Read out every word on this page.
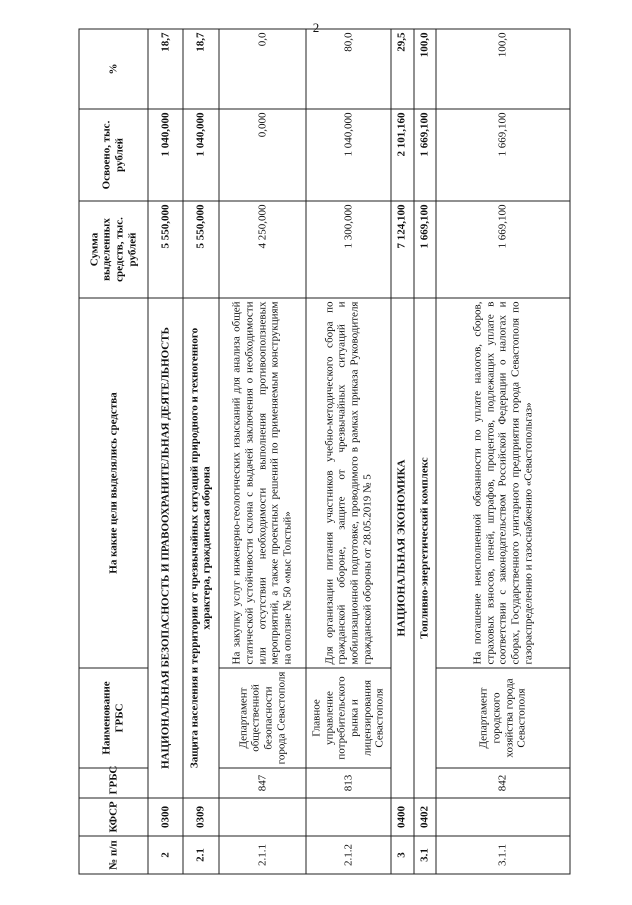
2
№ п/п	КФСР	ГРБС	Наименование ГРБС	На какие цели выделялись средства	Сумма выделенных средств, тыс. рублей	Освоено, тыс. рублей	%
2	0300	НАЦИОНАЛЬНАЯ БЕЗОПАСНОСТЬ И ПРАВООХРАНИТЕЛЬНАЯ ДЕЯТЕЛЬНОСТЬ			5 550,000	1 040,000	18,7
2.1	0309	Защита населения и территории от чрезвычайных ситуаций природного и техногенного характера, гражданская оборона			5 550,000	1 040,000	18,7
2.1.1		847	Департамент общественной безопасности города Севастополя	На закупку услуг инженерно-геологических изысканий для анализа общей статической устойчивости склона с выдачей заключения о необходимости или отсутствии необходимости выполнения противооползневых мероприятий, а также проектных решений по применяемым конструкциям на оползне № 50 «мыс Толстый»	4 250,000	0,000	0,0
2.1.2		813	Главное управление потребительского рынка и лицензирования Севастополя	Для организации питания участников учебно-методического сбора по гражданской обороне, защите от чрезвычайных ситуаций и мобилизационной подготовке, проводимого в рамках приказа Руководителя гражданской обороны от 28.05.2019 № 5	1 300,000	1 040,000	80,0
3	0400	НАЦИОНАЛЬНАЯ ЭКОНОМИКА			7 124,100	2 101,160	29,5
3.1	0402	Топливно-энергетический комплекс			1 669,100	1 669,100	100,0
3.1.1		842	Департамент городского хозяйства города Севастополя	На погашение неисполненной обязанности по уплате налогов, сборов, страховых взносов, пеней, штрафов, процентов, подлежащих уплате в соответствии с законодательством Российской Федерации о налогах и сборах, Государственного унитарного предприятия города Севастополя по газораспределению и газоснабжению «Севастопольгаз»	1 669,100	1 669,100	100,0
